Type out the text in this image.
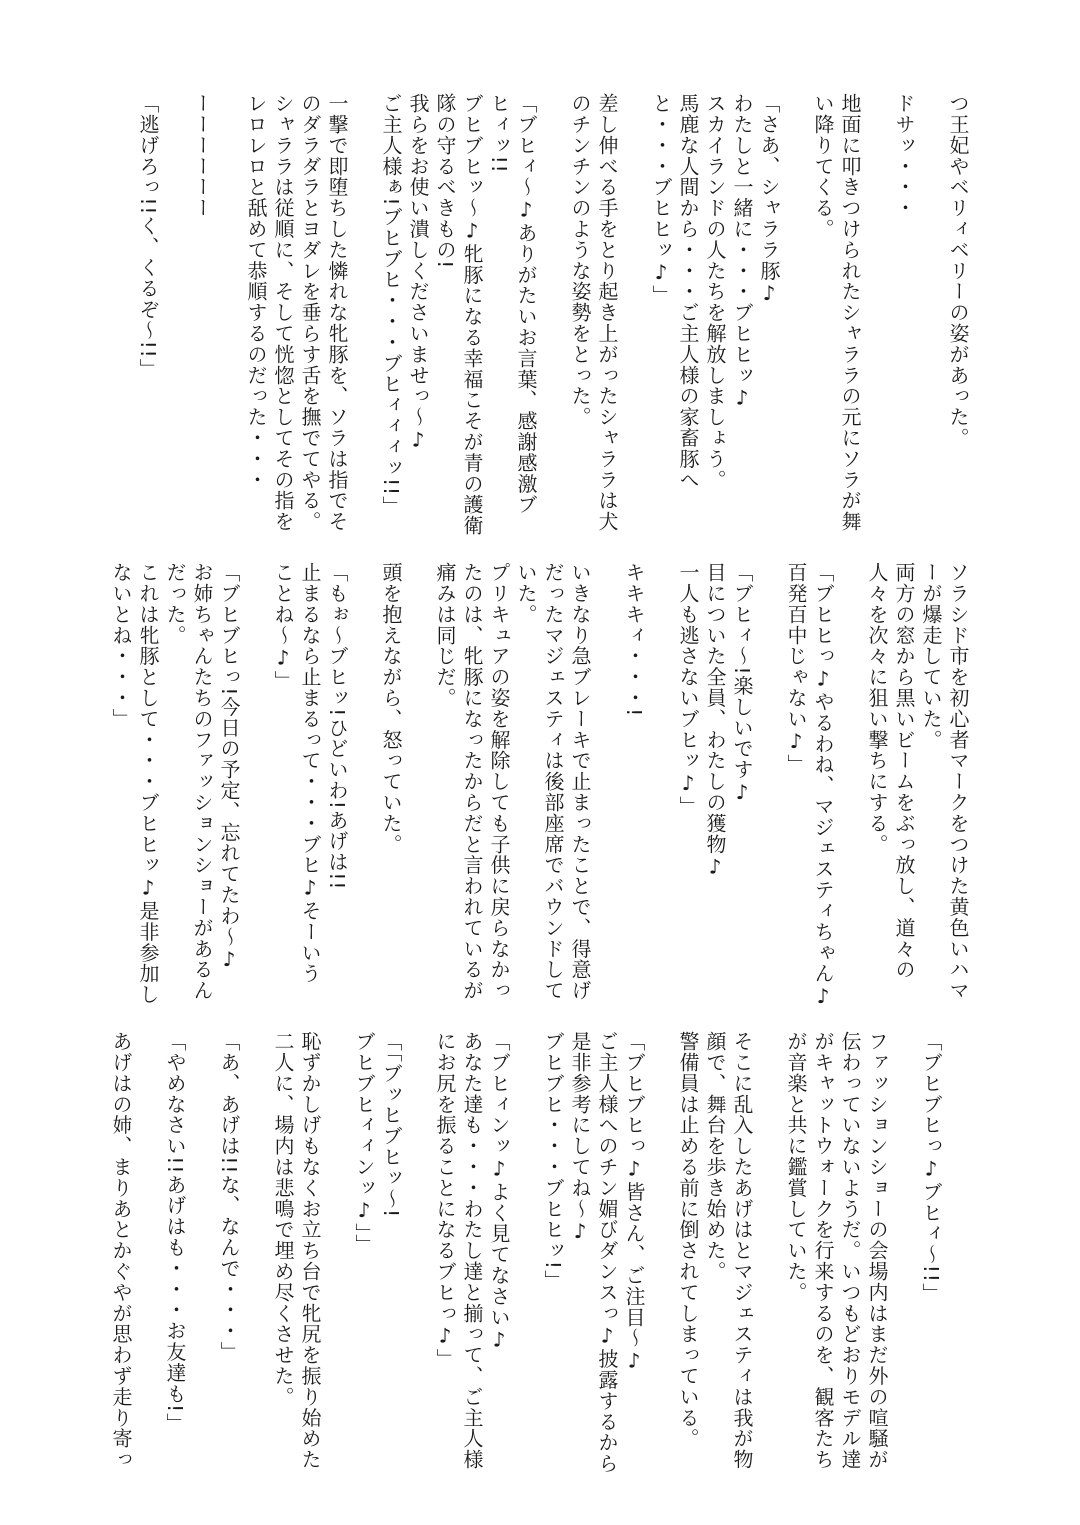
つ王妃やベリィベリーの姿があった。
ドサッ・・・
地面に叩きつけられたシャララの元にソラが舞
い降りてくる。
「さあ、シャララ豚♪
わたしと一緒に・・・ブヒヒッ♪
スカイランドの人たちを解放しましょう。
馬鹿な人間から・・・ご主人様の家畜豚へ
と・・・ブヒヒッ♪」
差し伸べる手をとり起き上がったシャララは犬
のチンチンのような姿勢をとった。
「ブヒィ～♪ありがたいお言葉、感謝感激ブ
ヒィッ!!
ブヒブヒッ～♪牝豚になる幸福こそが青の護衛
隊の守るべきもの!
我らをお使い潰しくださいませっ～♪
ご主人様ぁ!ブヒブヒ・・・ブヒィィィッ!!」
一撃で即堕ちした憐れな牝豚を、ソラは指でそ
のダラダラとヨダレを垂らす舌を撫でてやる。
シャララは従順に、そして恍惚としてその指を
レロレロと舐めて恭順するのだった・・・
ーーーーーー
「逃げろっ!!く、くるぞ～!!」
ソラシド市を初心者マークをつけた黄色いハマ
ーが爆走していた。
両方の窓から黒いビームをぶっ放し、道々の
人々を次々に狙い撃ちにする。
「ブヒヒっ♪やるわね、マジェスティちゃん♪
百発百中じゃない♪」
「ブヒィ～!楽しいです♪
目についた全員、わたしの獲物♪
一人も逃さないブヒッ♪」
キキキィ・・・!
いきなり急ブレーキで止まったことで、得意げ
だったマジェスティは後部座席でバウンドして
いた。
プリキュアの姿を解除しても子供に戻らなかっ
たのは、牝豚になったからだと言われているが
痛みは同じだ。
頭を抱えながら、怒っていた。
「もぉ～ブヒッ!ひどいわ!あげは!!
止まるなら止まるって・・・ブヒ♪そーいう
ことね～♪」
「ブヒブヒっ!今日の予定、忘れてたわ～♪
お姉ちゃんたちのファッションショーがあるん
だった。
これは牝豚として・・・ブヒヒッ♪是非参加し
ないとね・・・」
「ブヒブヒっ♪ブヒィ～!!」
ファッションショーの会場内はまだ外の喧騒が
伝わっていないようだ。いつもどおりモデル達
がキャットウォークを行来するのを、観客たち
が音楽と共に鑑賞していた。
そこに乱入したあげはとマジェスティは我が物
顔で、舞台を歩き始めた。
警備員は止める前に倒されてしまっている。
「ブヒブヒっ♪皆さん、ご注目～♪
ご主人様へのチン媚びダンスっ♪披露するから
是非参考にしてね～♪
ブヒブヒ・・・ブヒヒッ!」
「ブヒィンッ♪よく見てなさい♪
あなた達も・・・わたし達と揃って、ご主人様
にお尻を振ることになるブヒっ♪」
「「ブッヒブヒッ～!
ブヒブヒィィンッ♪」」
恥ずかしげもなくお立ち台で牝尻を振り始めた
二人に、場内は悲鳴で埋め尽くさせた。
「あ、あげは!!な、なんで・・・」
「やめなさい!!あげはも・・・お友達も!」
あげはの姉、まりあとかぐやが思わず走り寄っ
